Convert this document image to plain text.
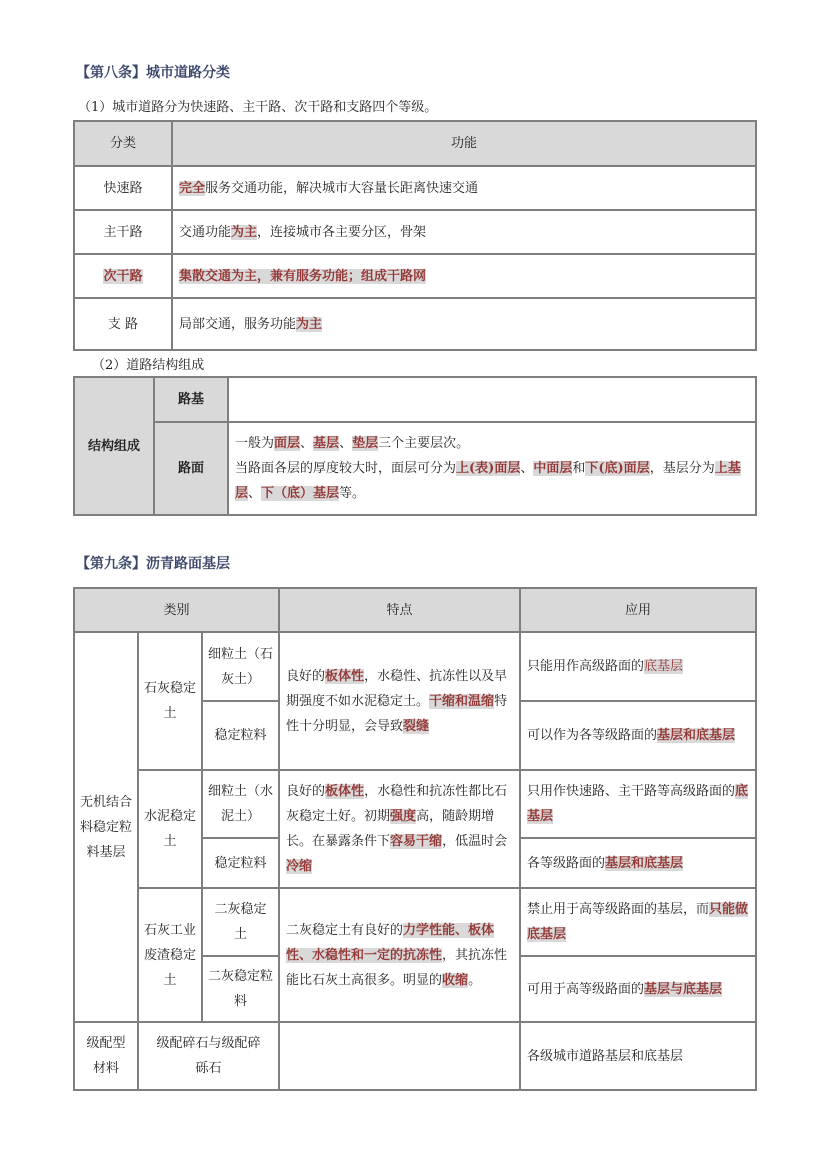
【第八条】城市道路分类
（1）城市道路分为快速路、主干路、次干路和支路四个等级。
分类	功能
快速路	完全服务交通功能，解决城市大容量长距离快速交通
主干路	交通功能为主，连接城市各主要分区，骨架
次干路	集散交通为主，兼有服务功能；组成干路网
支 路	局部交通，服务功能为主
（2）道路结构组成
结构组成	路基	
	路面	一般为面层、基层、垫层三个主要层次。
当路面各层的厚度较大时，面层可分为上(表)面层、中面层和下(底)面层，基层分为上基层、下（底）基层等。
【第九条】沥青路面基层
类别			特点	应用
无机结合料稳定粒料基层	石灰稳定土	细粒土（石灰土）	良好的板体性，水稳性、抗冻性以及早期强度不如水泥稳定土。干缩和温缩特性十分明显，会导致裂缝	只能用作高级路面的底基层
		稳定粒料		可以作为各等级路面的基层和底基层
	水泥稳定土	细粒土（水泥土）	良好的板体性，水稳性和抗冻性都比石灰稳定土好。初期强度高，随龄期增长。在暴露条件下容易干缩，低温时会冷缩	只用作快速路、主干路等高级路面的底基层
		稳定粒料		各等级路面的基层和底基层
	石灰工业废渣稳定土	二灰稳定土	二灰稳定土有良好的力学性能、板体性、水稳性和一定的抗冻性，其抗冻性能比石灰土高很多。明显的收缩。	禁止用于高等级路面的基层，而只能做底基层
		二灰稳定粒料		可用于高等级路面的基层与底基层
级配型材料	级配碎石与级配碎砾石			各级城市道路基层和底基层
